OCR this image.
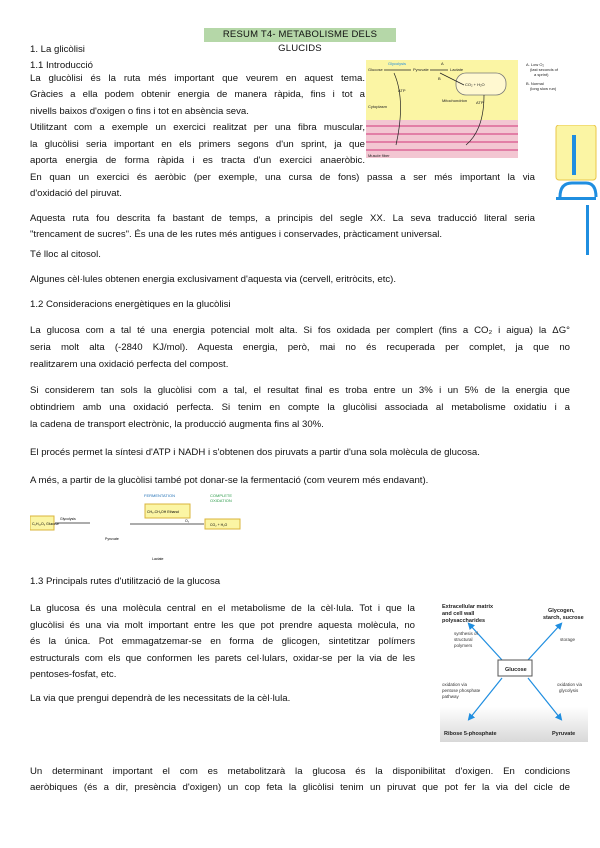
RESUM T4- METABOLISME DELS GLUCIDS
1. La glicòlisi
1.1 Introducció
La glucòlisi és la ruta més important que veurem en aquest tema.
Gràcies a ella podem obtenir energia de manera ràpida, fins i tot a
nivells baixos d'oxigen o fins i tot en absència seva.
Utilitzant com a exemple un exercici realitzat per una fibra muscular,
la glucòlisi seria important en els primers segons d'un sprint, ja que
aporta energia de forma ràpida i es tracta d'un exercici anaeròbic.
En quan un exercici és aeròbic (per exemple, una cursa de fons) passa a ser més important la via
d'oxidació del piruvat.
Glucose
Glycolysis
Pyruvate	Lactate
A
B
CO₂ + H₂O
ATP
ATP
Mitochondrion
Cytoplasm
Muscle fiber
A. Low O₂
(last seconds of
a sprint)
B. Normal
(long slow run)
Aquesta ruta fou descrita fa bastant de temps, a principis del segle XX. La seva traducció literal seria
"trencament de sucres". És una de les rutes més antigues i conservades, pràcticament universal.
Té lloc al citosol.
Algunes cèl·lules obtenen energia exclusivament d'aquesta via (cervell, eritròcits, etc).
1.2 Consideracions energètiques en la glucòlisi
La glucosa com a tal té una energia potencial molt alta. Si fos oxidada per complert (fins a CO₂ i aigua) la ΔG°
seria molt alta (-2840 KJ/mol). Aquesta energia, però, mai no és recuperada per complet, ja que no
realitzarem una oxidació perfecta del compost.
Si considerem tan sols la glucòlisi com a tal, el resultat final es troba entre un 3% i un 5% de la energia que
obtindriem amb una oxidació perfecta. Si tenim en compte la glucòlisi associada al metabolisme oxidatiu i a
la cadena de transport electrònic, la producció augmenta fins al 30%.
El procés permet la síntesi d'ATP i NADH i s'obtenen dos piruvats a partir d'una sola molècula de glucosa.
A més, a partir de la glucòlisi també pot donar-se la fermentació (com veurem més endavant).
FERMENTATION	COMPLETE
OXIDATION
C₆H₁₂O₆ Glucose
Glycolysis
Pyruvate
CH₃-CH₂OH Ethanol
O₂
CO₂ + H₂O
Lactate
1.3 Principals rutes d'utilització de la glucosa
La glucosa és una molècula central en el metabolisme de la cèl·lula. Tot i que la
glucòlisi és una via molt important entre les que pot prendre aquesta molècula, no
és la única. Pot emmagatzemar-se en forma de glicogen, sintetitzar polímers
estructurals com els que conformen les parets cel·lulars, oxidar-se per la via de les
pentoses-fosfat, etc.
La via que prengui dependrà de les necessitats de la cèl·lula.
Glucose
Extracellular matrix
and cell wall
polysaccharides
Glycogen,
starch, sucrose
Ribose 5-phosphate	Pyruvate
synthesis of
structural
polymers
storage
oxidation via
pentose phosphate
pathway
oxidation via
glycolysis
Un determinant important el com es metabolitzarà la glucosa és la disponibilitat d'oxigen. En condicions
aeròbiques (és a dir, presència d'oxigen) un cop feta la glicòlisi tenim un piruvat que pot fer la via del cicle de
